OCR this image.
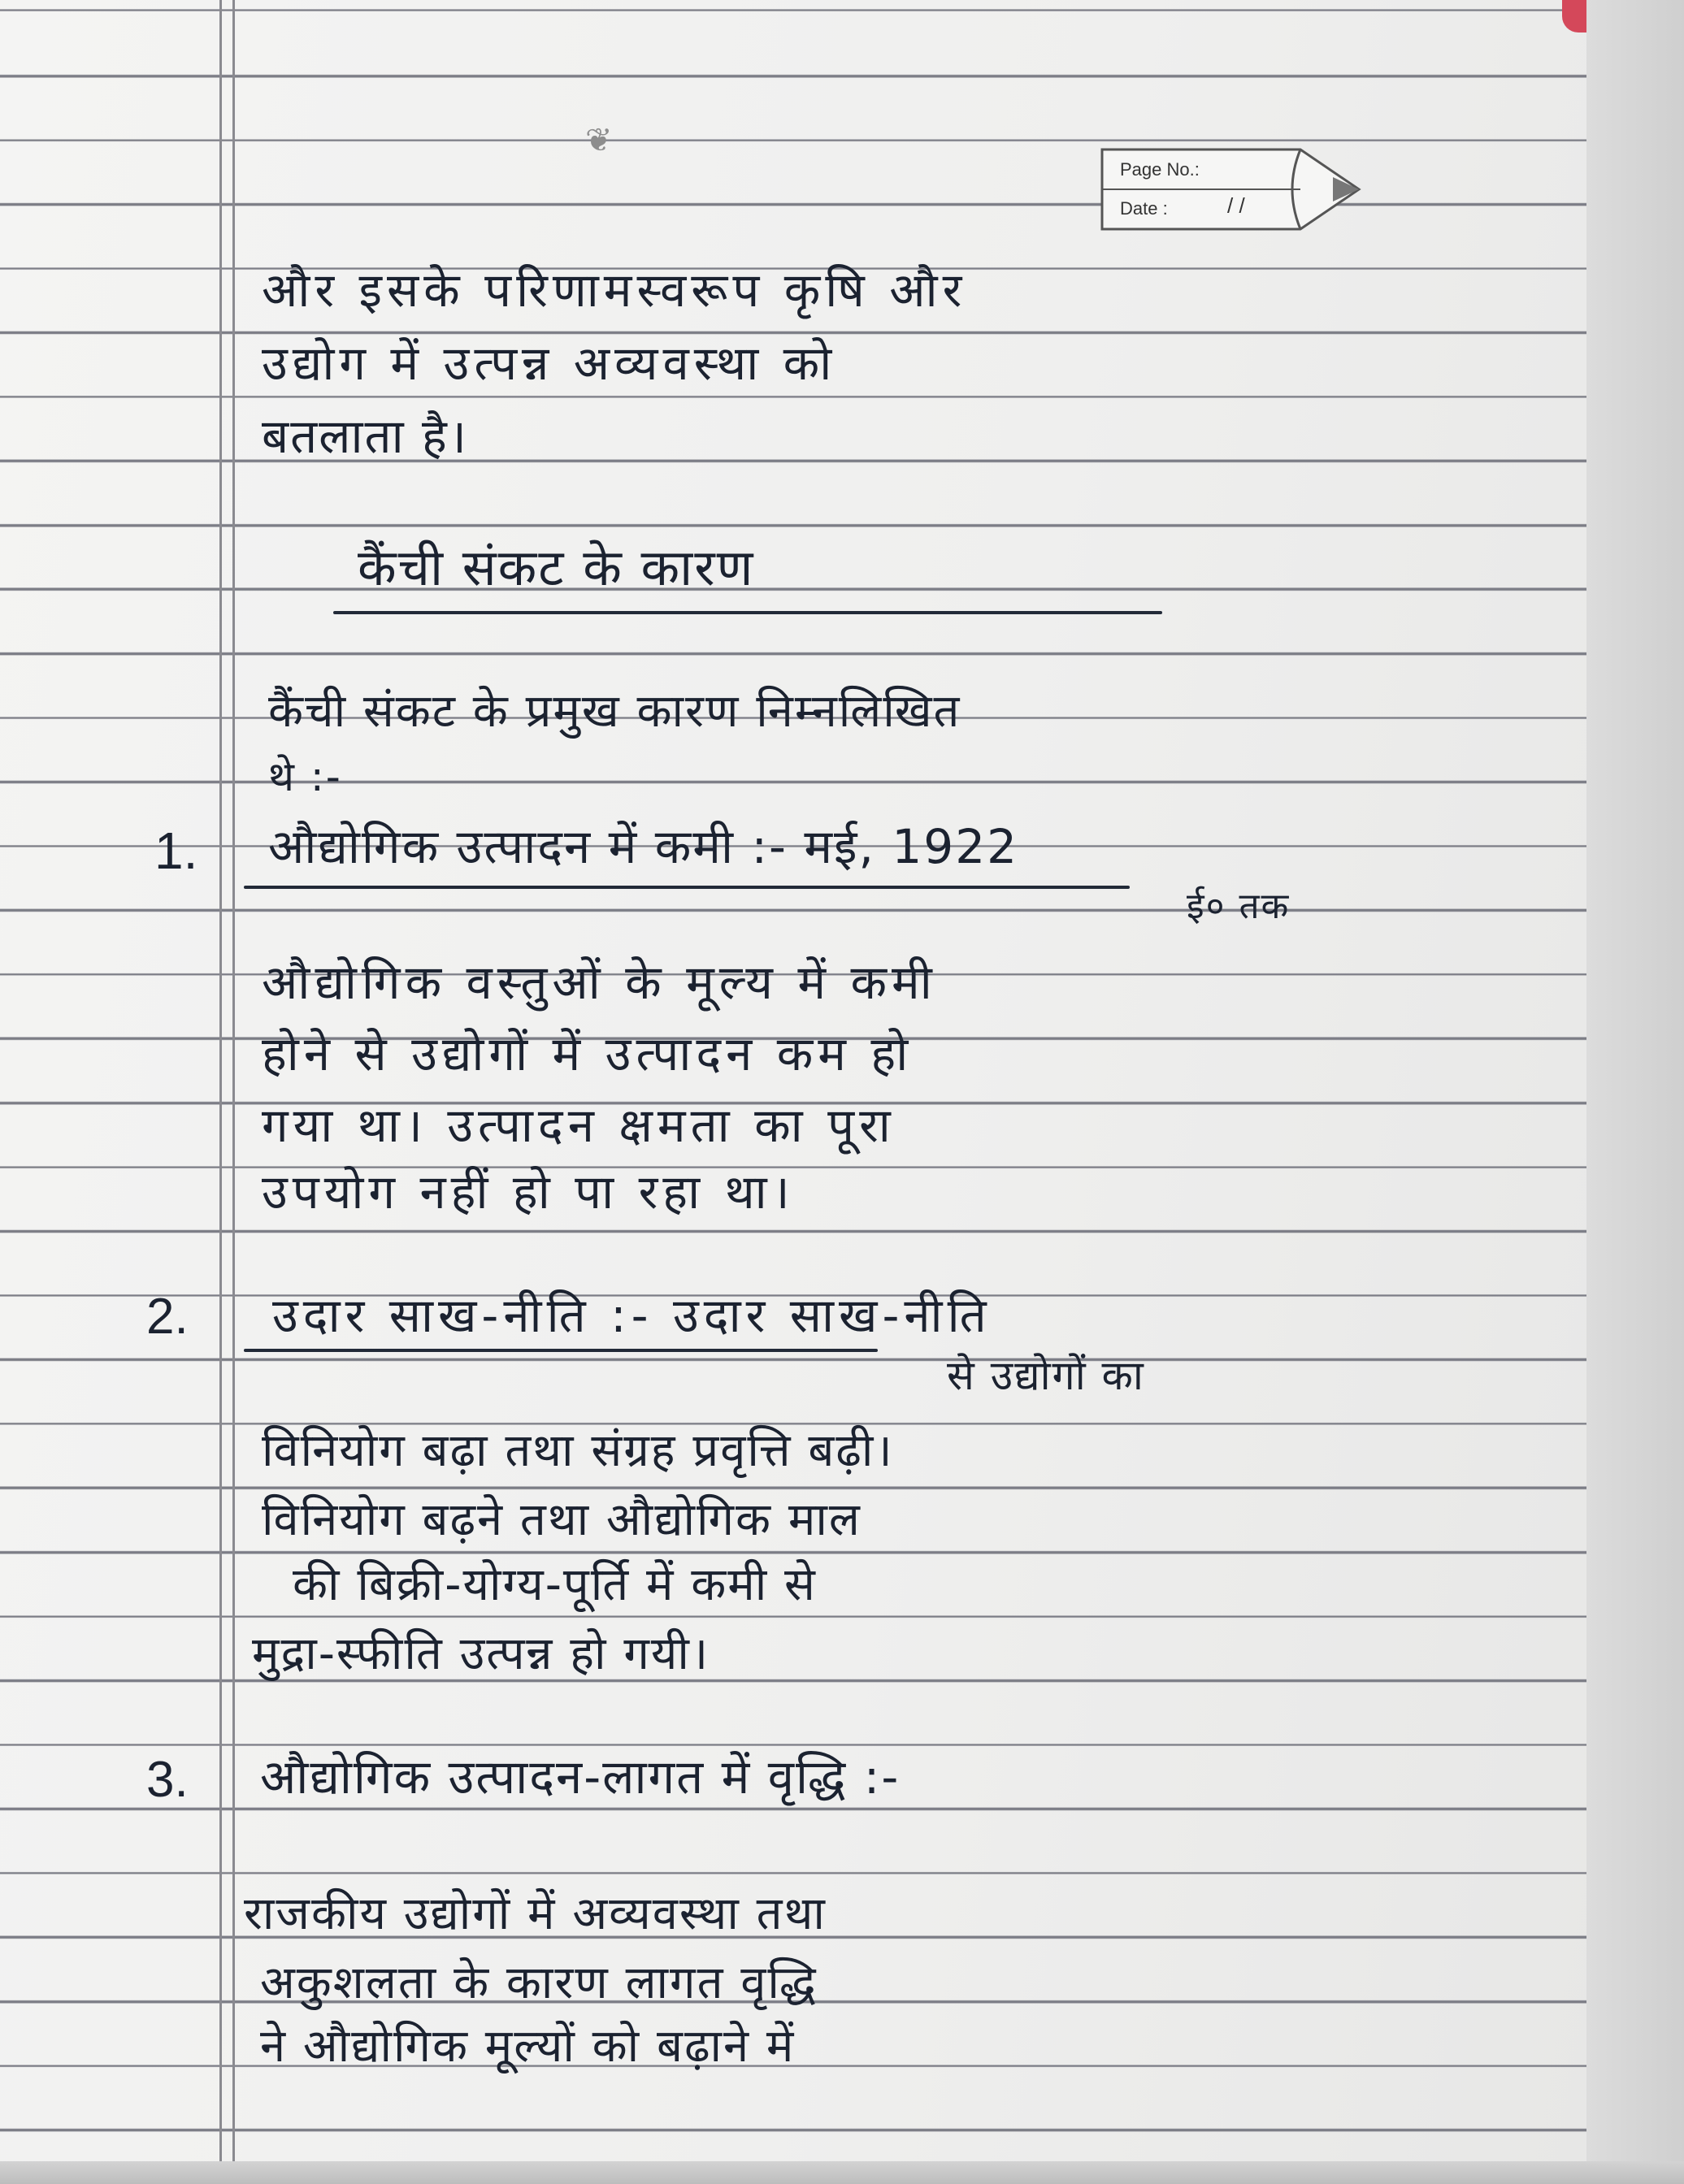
❦
Page No.:
Date :	/ /
और इसके परिणामस्वरूप कृषि और
उद्योग में उत्पन्न अव्यवस्था को
बतलाता है।
कैंची संकट के कारण
कैंची संकट के प्रमुख कारण निम्नलिखित
थे :-
1. औद्योगिक उत्पादन में कमी :- मई, 1922
ई० तक
औद्योगिक वस्तुओं के मूल्य में कमी
होने से उद्योगों में उत्पादन कम हो
गया था। उत्पादन क्षमता का पूरा
उपयोग नहीं हो पा रहा था।
2. उदार साख-नीति :- उदार साख-नीति
से उद्योगों का
विनियोग बढ़ा तथा संग्रह प्रवृत्ति बढ़ी।
विनियोग बढ़ने तथा औद्योगिक माल
की बिक्री-योग्य-पूर्ति में कमी से
मुद्रा-स्फीति उत्पन्न हो गयी।
3. औद्योगिक उत्पादन-लागत में वृद्धि :-
राजकीय उद्योगों में अव्यवस्था तथा
अकुशलता के कारण लागत वृद्धि
ने औद्योगिक मूल्यों को बढ़ाने में
